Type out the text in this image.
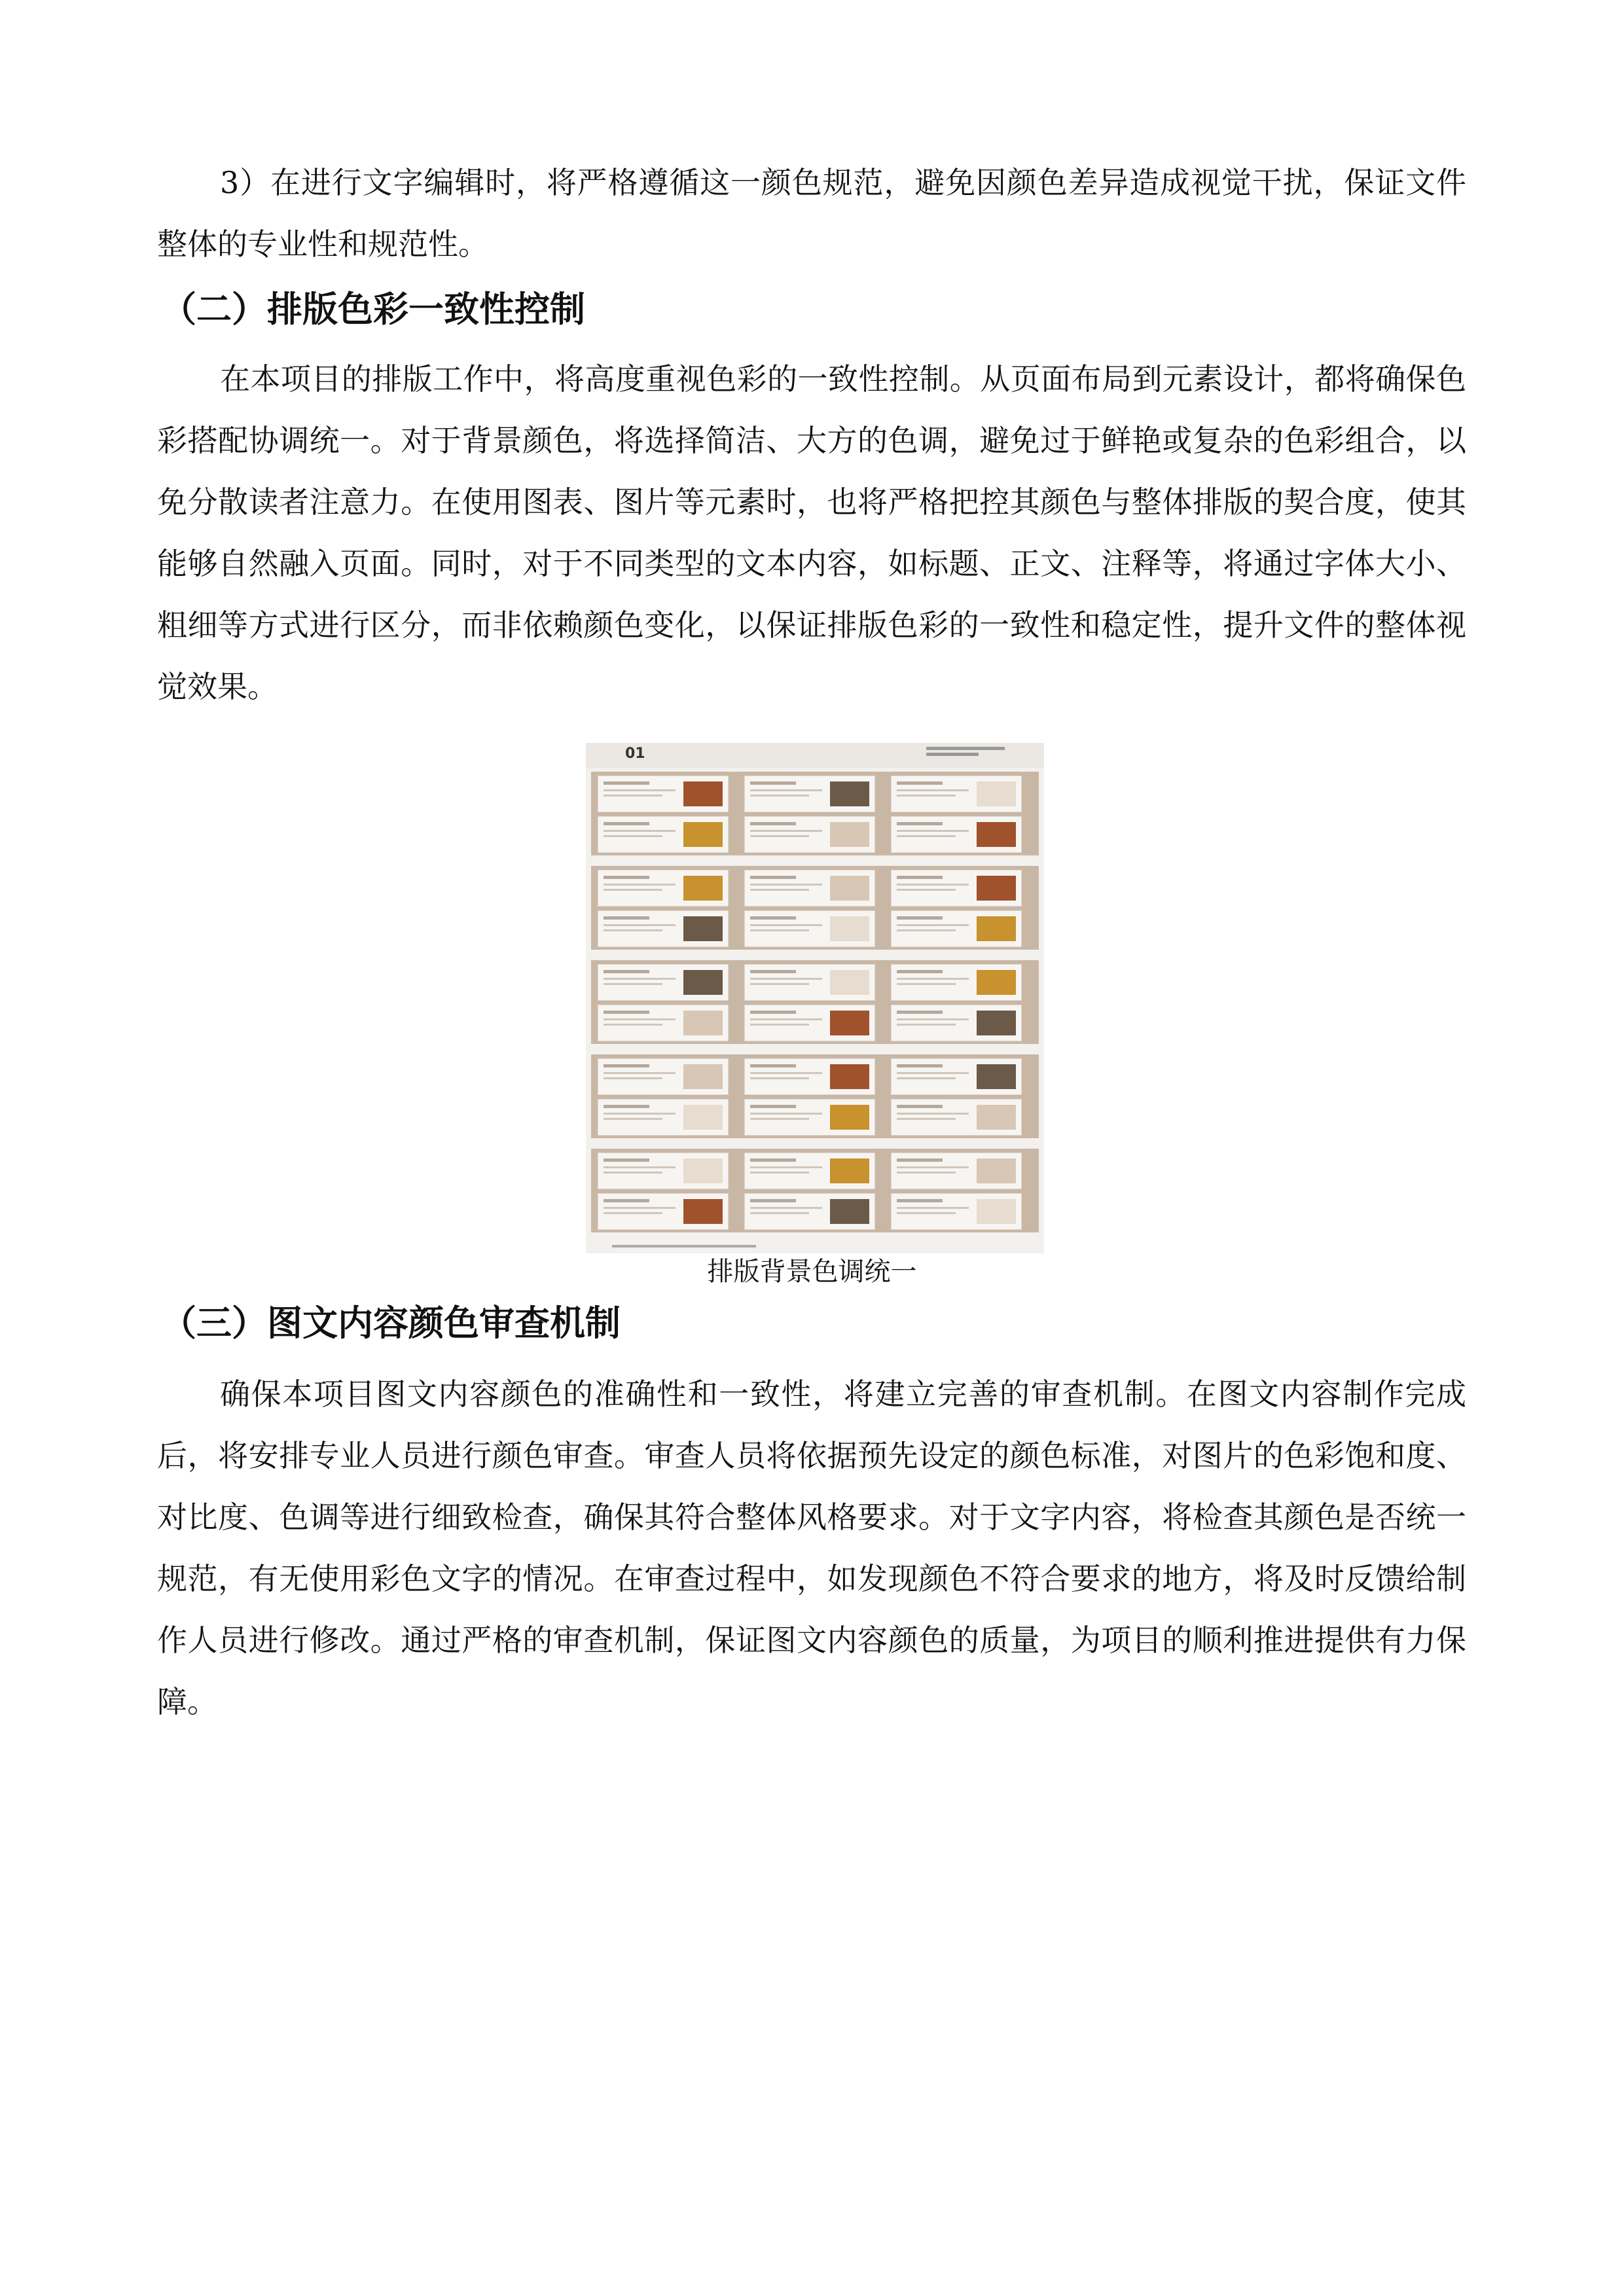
3）在进行文字编辑时，将严格遵循这一颜色规范，避免因颜色差异造成视觉干扰，保证文件整体的专业性和规范性。

（二）排版色彩一致性控制

在本项目的排版工作中，将高度重视色彩的一致性控制。从页面布局到元素设计，都将确保色彩搭配协调统一。对于背景颜色，将选择简洁、大方的色调，避免过于鲜艳或复杂的色彩组合，以免分散读者注意力。在使用图表、图片等元素时，也将严格把控其颜色与整体排版的契合度，使其能够自然融入页面。同时，对于不同类型的文本内容，如标题、正文、注释等，将通过字体大小、粗细等方式进行区分，而非依赖颜色变化，以保证排版色彩的一致性和稳定性，提升文件的整体视觉效果。

01

排版背景色调统一

（三）图文内容颜色审查机制

确保本项目图文内容颜色的准确性和一致性，将建立完善的审查机制。在图文内容制作完成后，将安排专业人员进行颜色审查。审查人员将依据预先设定的颜色标准，对图片的色彩饱和度、对比度、色调等进行细致检查，确保其符合整体风格要求。对于文字内容，将检查其颜色是否统一规范，有无使用彩色文字的情况。在审查过程中，如发现颜色不符合要求的地方，将及时反馈给制作人员进行修改。通过严格的审查机制，保证图文内容颜色的质量，为项目的顺利推进提供有力保障。
